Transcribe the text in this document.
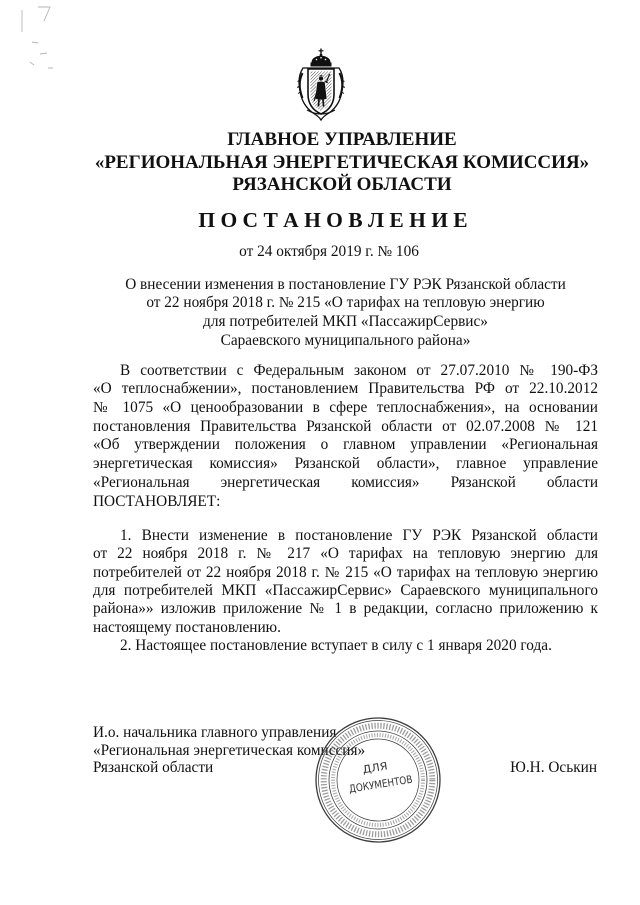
ГЛАВНОЕ УПРАВЛЕНИЕ
«РЕГИОНАЛЬНАЯ ЭНЕРГЕТИЧЕСКАЯ КОМИССИЯ»
РЯЗАНСКОЙ ОБЛАСТИ
П О С Т А Н О В Л Е Н И Е
от 24 октября 2019 г. № 106
О внесении изменения в постановление ГУ РЭК Рязанской области
от 22 ноября 2018 г. № 215 «О тарифах на тепловую энергию
для потребителей МКП «ПассажирСервис»
Сараевского муниципального района»
В соответствии с Федеральным законом от 27.07.2010 № 190-ФЗ
«О теплоснабжении», постановлением Правительства РФ от 22.10.2012
№ 1075 «О ценообразовании в сфере теплоснабжения», на основании
постановления Правительства Рязанской области от 02.07.2008 № 121
«Об утверждении положения о главном управлении «Региональная
энергетическая комиссия» Рязанской области», главное управление
«Региональная энергетическая комиссия» Рязанской области
ПОСТАНОВЛЯЕТ:
1. Внести изменение в постановление ГУ РЭК Рязанской области
от 22 ноября 2018 г. № 217 «О тарифах на тепловую энергию для
потребителей от 22 ноября 2018 г. № 215 «О тарифах на тепловую энергию
для потребителей МКП «ПассажирСервис» Сараевского муниципального
района»» изложив приложение № 1 в редакции, согласно приложению к
настоящему постановлению.
2. Настоящее постановление вступает в силу с 1 января 2020 года.
И.о. начальника главного управления
«Региональная энергетическая комиссия»
Рязанской области	Ю.Н. Оськин
ДЛЯ
ДОКУМЕНТОВ
